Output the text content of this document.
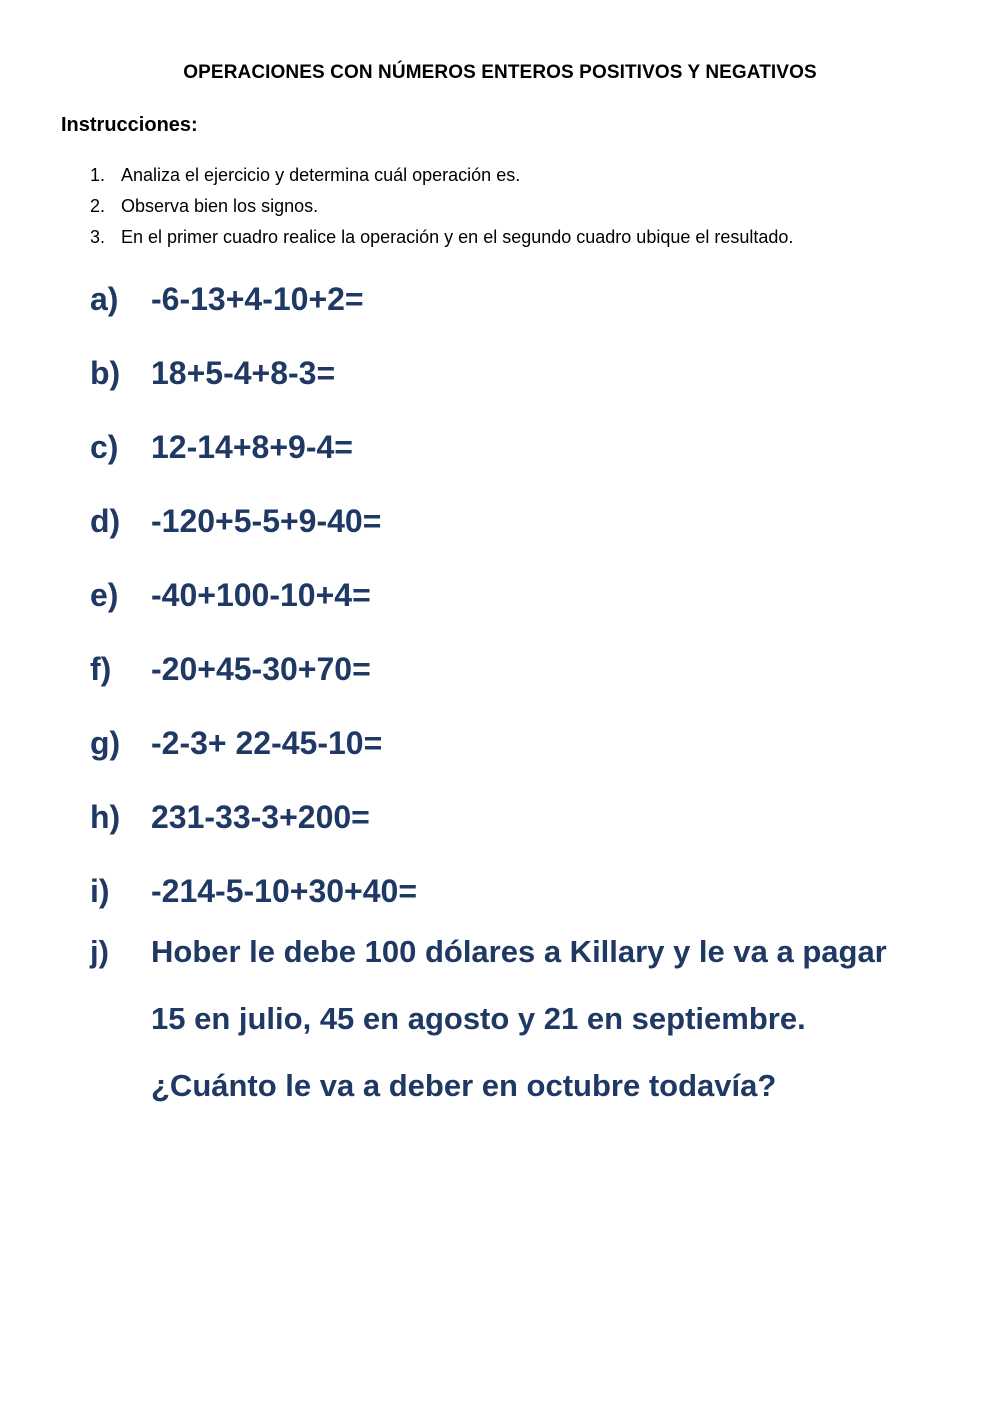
OPERACIONES CON NÚMEROS ENTEROS POSITIVOS Y NEGATIVOS
Instrucciones:
1. Analiza el ejercicio y determina cuál operación es.
2. Observa bien los signos.
3. En el primer cuadro realice la operación y en el segundo cuadro ubique el resultado.
a)	-6-13+4-10+2=
b) 18+5-4+8-3=
c)	12-14+8+9-4=
d) -120+5-5+9-40=
e)	-40+100-10+4=
f)	-20+45-30+70=
g) -2-3+ 22-45-10=
h) 231-33-3+200=
i)	-214-5-10+30+40=
j)	Hober le debe 100 dólares a Killary y le va a pagar
15 en julio, 45 en agosto y 21 en septiembre.
¿Cuánto le va a deber en octubre todavía?
